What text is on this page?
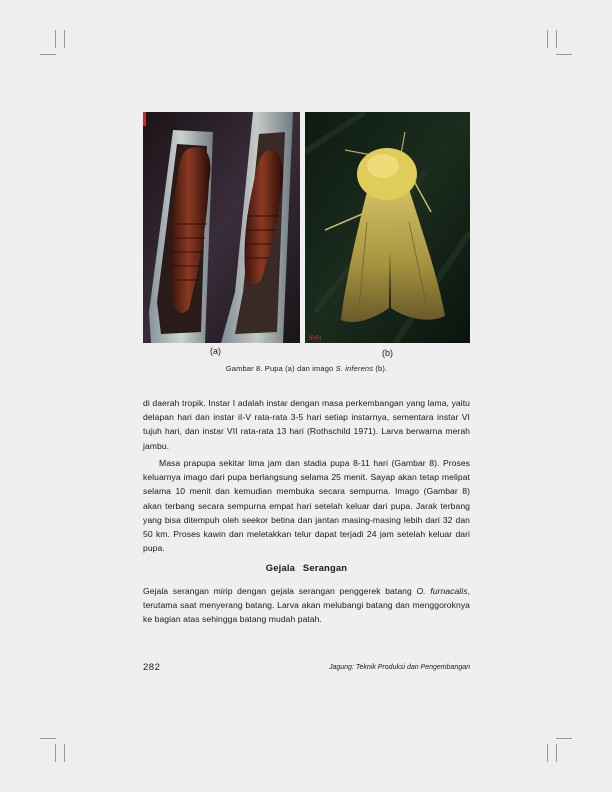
IRRI
(a)	(b)
Gambar 8. Pupa (a) dan imago S. inferens (b).

di daerah tropik. Instar I adalah instar dengan masa perkembangan yang lama, yaitu delapan hari dan instar iI-V rata-rata 3-5 hari setiap instarnya, sementara instar VI tujuh hari, dan instar VII rata-rata 13 hari (Rothschild 1971). Larva berwarna merah jambu.

Masa prapupa sekitar lima jam dan stadia pupa 8-11 hari (Gambar 8). Proses keluarnya imago dari pupa berlangsung selama 25 menit. Sayap akan tetap melipat selama 10 menit dan kemudian membuka secara sempurna. Imago (Gambar 8) akan terbang secara sempurna empat hari setelah keluar dari pupa. Jarak terbang yang bisa ditempuh oleh seekor betina dan jantan masing-masing lebih dari 32 dan 50 km. Proses kawin dan meletakkan telur dapat terjadi 24 jam setelah keluar dari pupa.

Gejala Serangan

Gejala serangan mirip dengan gejala serangan penggerek batang O. furnacalis, terutama saat menyerang batang. Larva akan melubangi batang dan menggoroknya ke bagian atas sehingga batang mudah patah.

282	Jagung: Teknik Produksi dan Pengembangan
